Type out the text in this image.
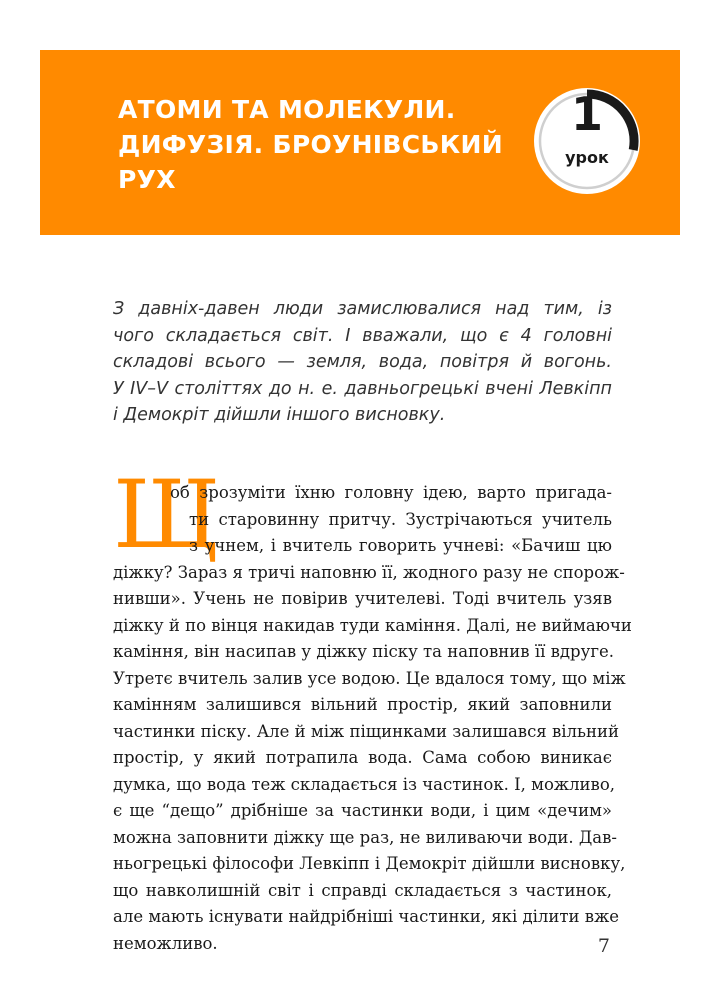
АТОМИ ТА МОЛЕКУЛИ.
ДИФУЗІЯ. БРОУНІВСЬКИЙ
РУХ
1
урок

З давніх-давен люди замислювалися над тим, із
чого складається світ. І вважали, що є 4 головні
складові всього — земля, вода, повітря й вогонь.
У IV–V століттях до н. е. давньогрецькі вчені Левкіпп
і Демокріт дійшли іншого висновку.

Щ

об зрозуміти їхню головну ідею, варто пригада-
ти старовинну притчу. Зустрічаються учитель
з учнем, і вчитель говорить учневі: «Бачиш цю
діжку? Зараз я тричі наповню її, жодного разу не спорож-
нивши». Учень не повірив учителеві. Тоді вчитель узяв
діжку й по вінця накидав туди каміння. Далі, не виймаючи
каміння, він насипав у діжку піску та наповнив її вдруге.
Утретє вчитель залив усе водою. Це вдалося тому, що між
камінням залишився вільний простір, який заповнили
частинки піску. Але й між піщинками залишався вільний
простір, у який потрапила вода. Сама собою виникає
думка, що вода теж складається із частинок. І, можливо,
є ще “дещо” дрібніше за частинки води, і цим «дечим»
можна заповнити діжку ще раз, не виливаючи води. Дав-
ньогрецькі філософи Левкіпп і Демокріт дійшли висновку,
що навколишній світ і справді складається з частинок,
але мають існувати найдрібніші частинки, які ділити вже
неможливо.	7
